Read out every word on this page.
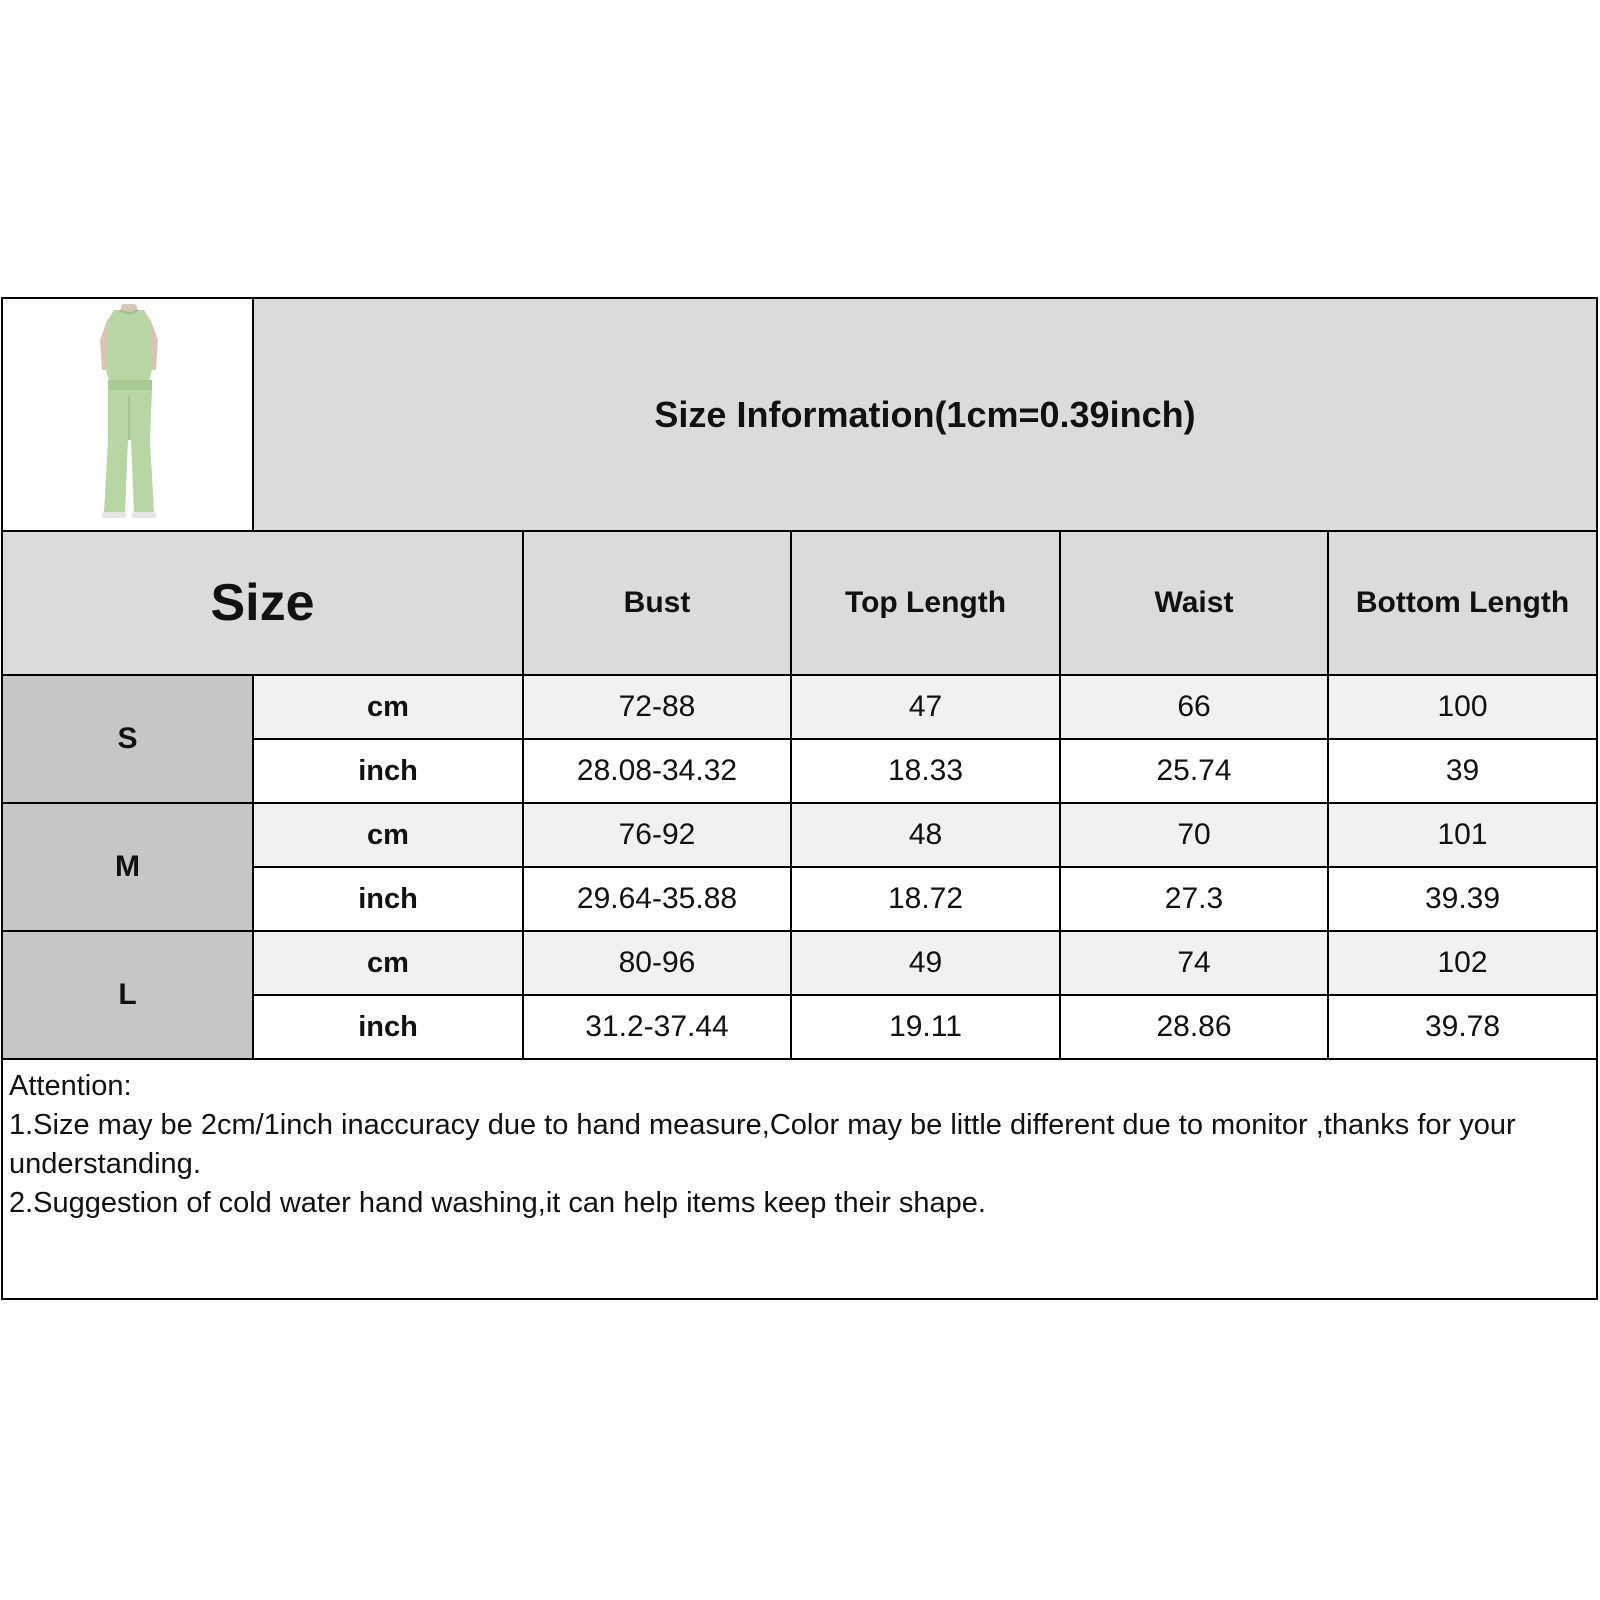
Size Information(1cm=0.39inch)
Size	Bust	Top Length	Waist	Bottom Length
S
cm	72-88	47	66	100
inch	28.08-34.32	18.33	25.74	39
M
cm	76-92	48	70	101
inch	29.64-35.88	18.72	27.3	39.39
L
cm	80-96	49	74	102
inch	31.2-37.44	19.11	28.86	39.78
Attention:
1.Size may be 2cm/1inch inaccuracy due to hand measure,Color may be little different due to monitor ,thanks for your understanding.
2.Suggestion of cold water hand washing,it can help items keep their shape.
